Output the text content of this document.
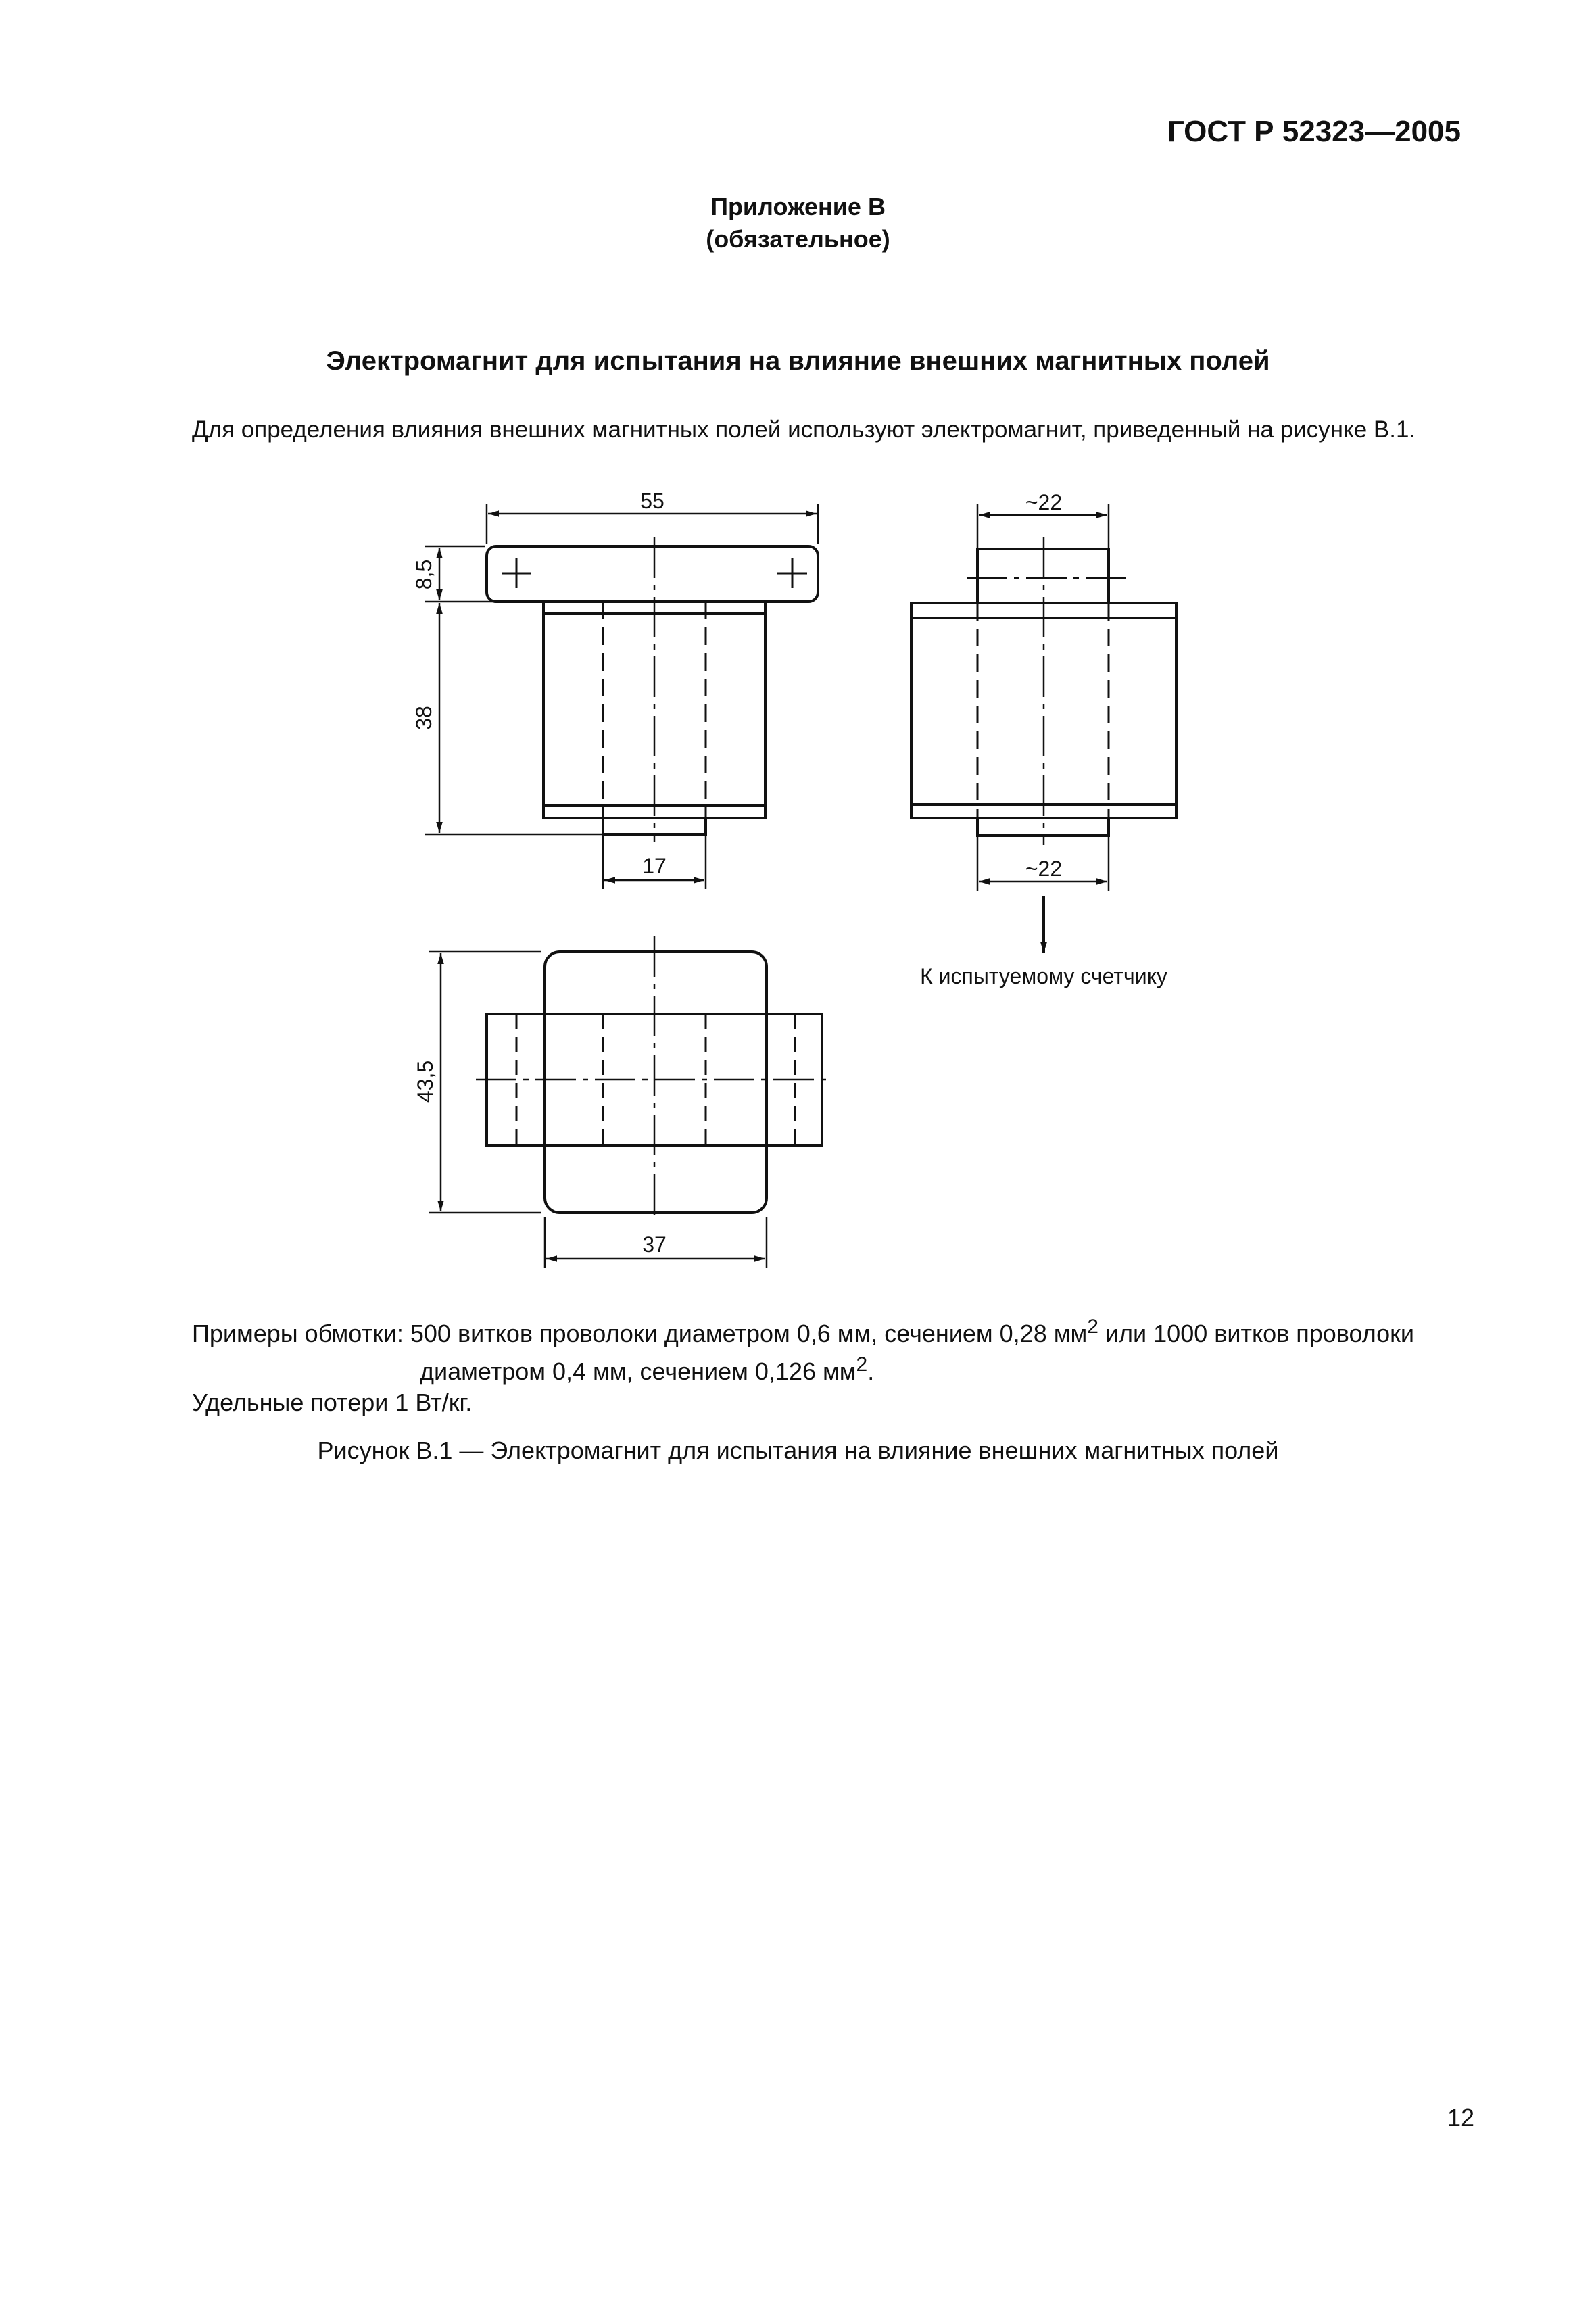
ГОСТ Р 52323—2005
Приложение В
(обязательное)
Электромагнит для испытания на влияние внешних магнитных полей
Для определения влияния внешних магнитных полей используют электромагнит, приведенный на рисунке В.1.
55
8,5
38
17
~22
~22
К испытуемому счетчику
43,5
37
Примеры обмотки: 500 витков проволоки диаметром 0,6 мм, сечением 0,28 $мм^2$ или 1000 витков проволоки
диаметром 0,4 мм, сечением 0,126 $мм^2$.
Удельные потери 1 Вт/кг.
Рисунок В.1 — Электромагнит для испытания на влияние внешних магнитных полей
12
